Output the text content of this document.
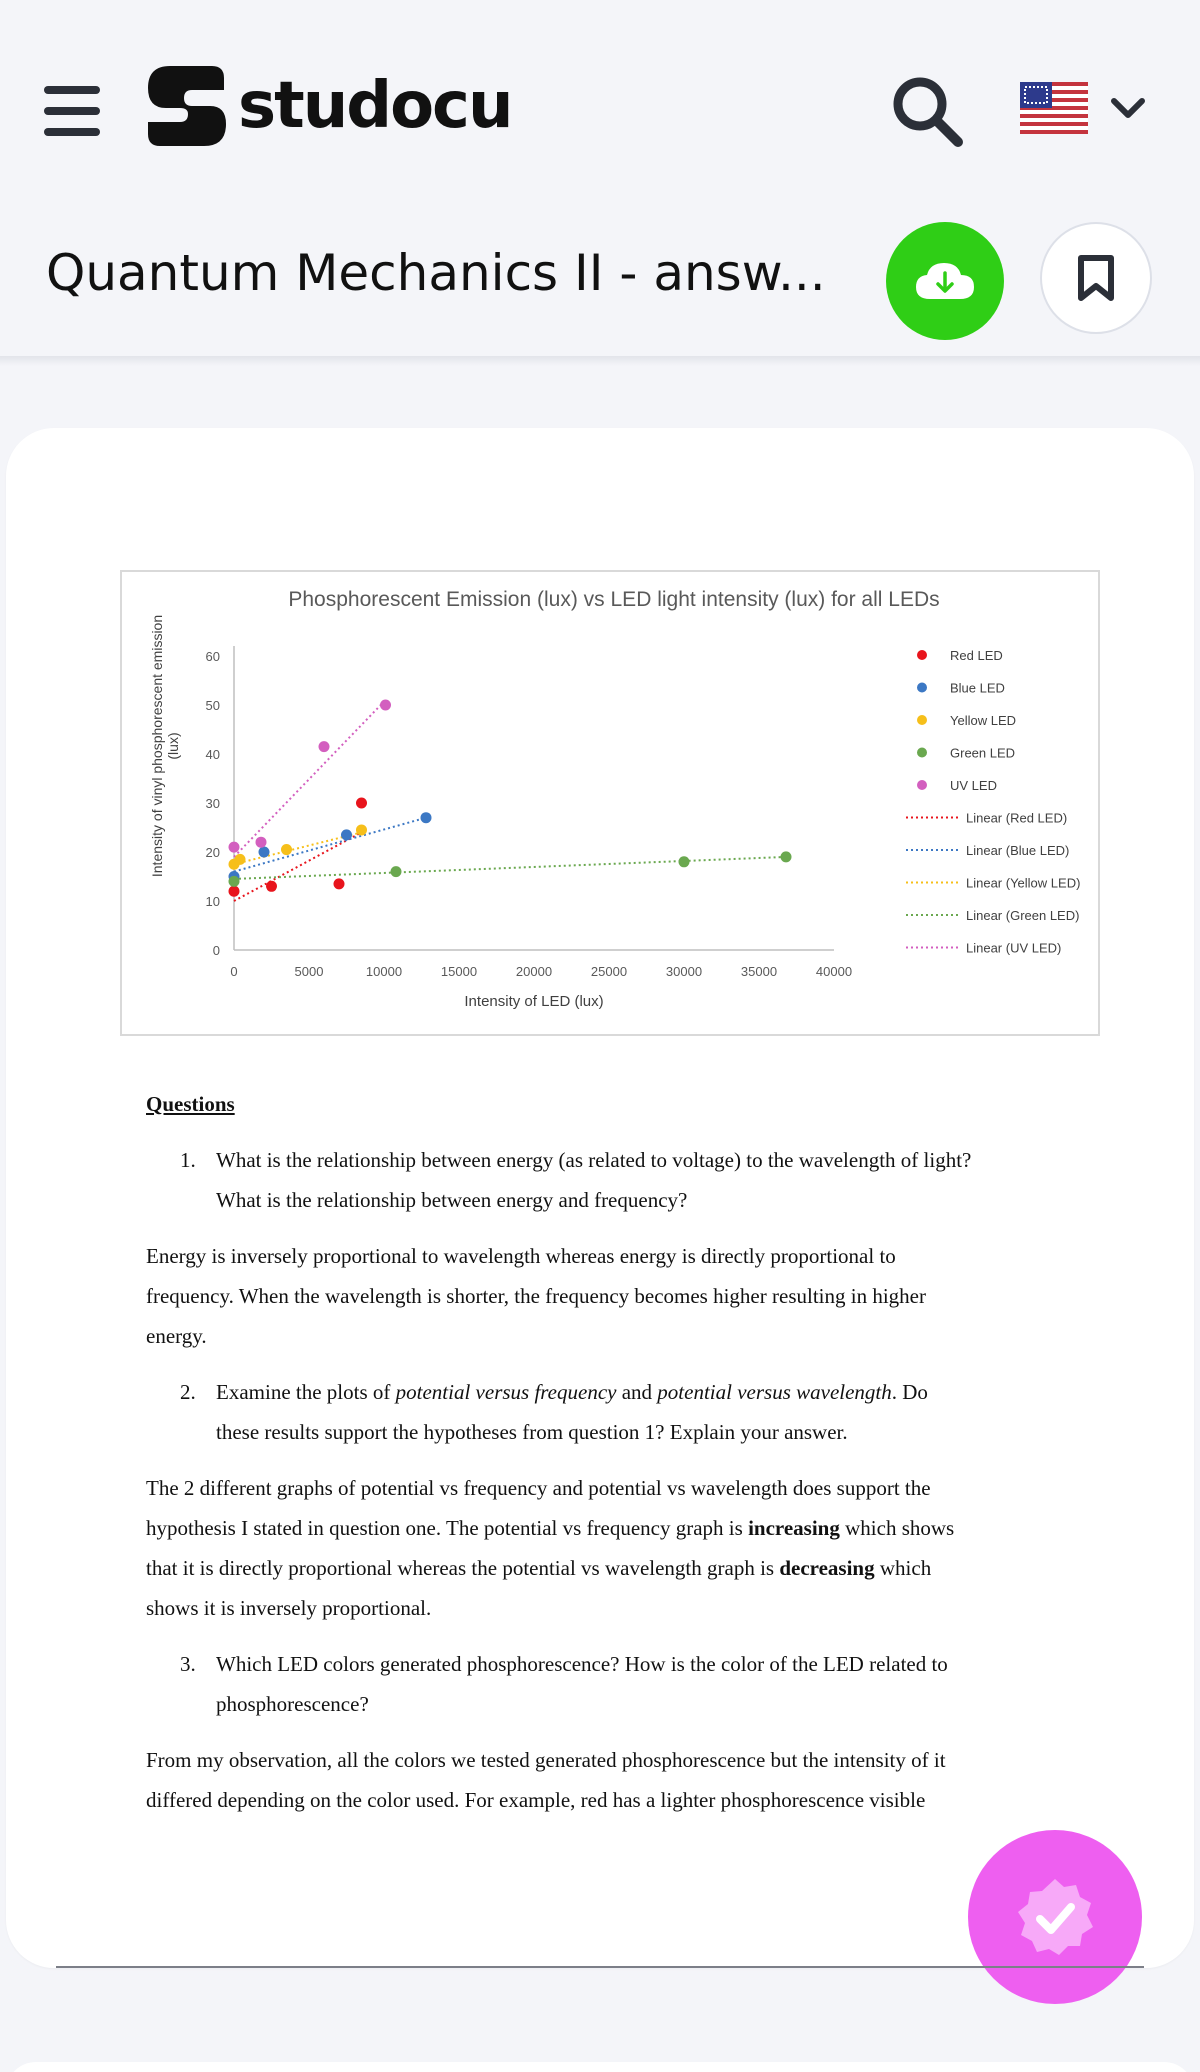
studocu
Quantum Mechanics II - answ...
Phosphorescent Emission (lux) vs LED light intensity (lux) for all LEDs
Intensity of LED (lux)
Intensity of vinyl phosphorescent emission (lux)
0
10
20
30
40
50
60
0	5000	10000	15000	20000	25000	30000	35000	40000
Red LED
Blue LED
Yellow LED
Green LED
UV LED
Linear (Red LED)
Linear (Blue LED)
Linear (Yellow LED)
Linear (Green LED)
Linear (UV LED)
Questions
1. What is the relationship between energy (as related to voltage) to the wavelength of light?
What is the relationship between energy and frequency?
Energy is inversely proportional to wavelength whereas energy is directly proportional to
frequency. When the wavelength is shorter, the frequency becomes higher resulting in higher
energy.
2. Examine the plots of potential versus frequency and potential versus wavelength. Do
these results support the hypotheses from question 1? Explain your answer.
The 2 different graphs of potential vs frequency and potential vs wavelength does support the
hypothesis I stated in question one. The potential vs frequency graph is increasing which shows
that it is directly proportional whereas the potential vs wavelength graph is decreasing which
shows it is inversely proportional.
3. Which LED colors generated phosphorescence? How is the color of the LED related to
phosphorescence?
From my observation, all the colors we tested generated phosphorescence but the intensity of it
differed depending on the color used. For example, red has a lighter phosphorescence visible
